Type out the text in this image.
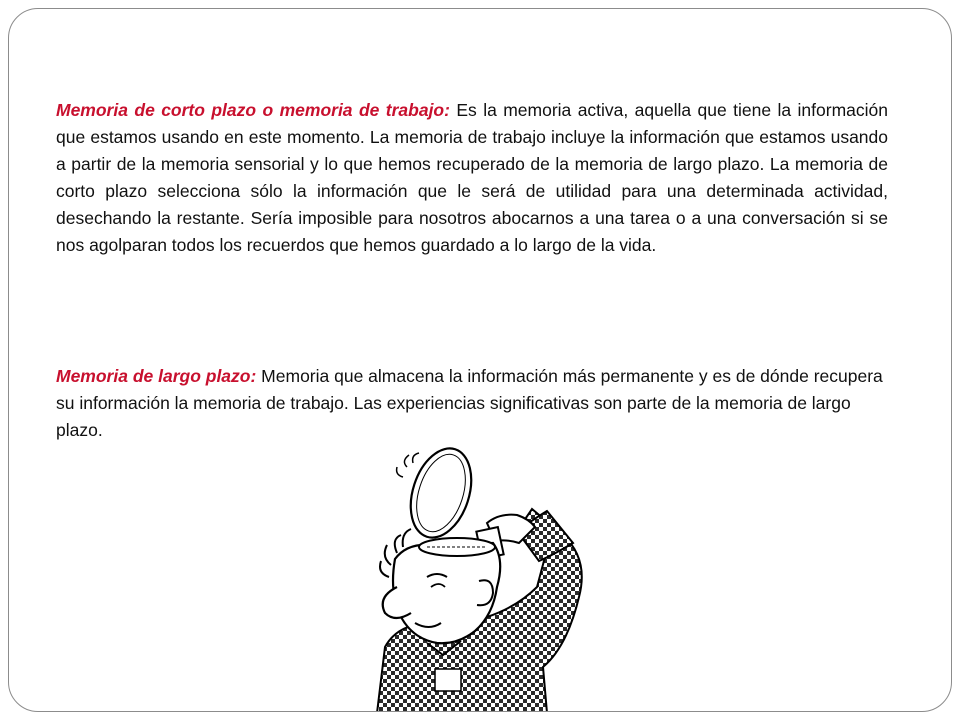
Memoria de corto plazo o memoria de trabajo: Es la memoria activa, aquella que tiene la información que estamos usando en este momento. La memoria de trabajo incluye la información que estamos usando a partir de la memoria sensorial y lo que hemos recuperado de la memoria de largo plazo. La memoria de corto plazo selecciona sólo la información que le será de utilidad para una determinada actividad, desechando la restante. Sería imposible para nosotros abocarnos a una tarea o a una conversación si se nos agolparan todos los recuerdos que hemos guardado a lo largo de la vida.

Memoria de largo plazo: Memoria que almacena la información más permanente y es de dónde recupera su información la memoria de trabajo. Las experiencias significativas son parte de la memoria de largo plazo.
